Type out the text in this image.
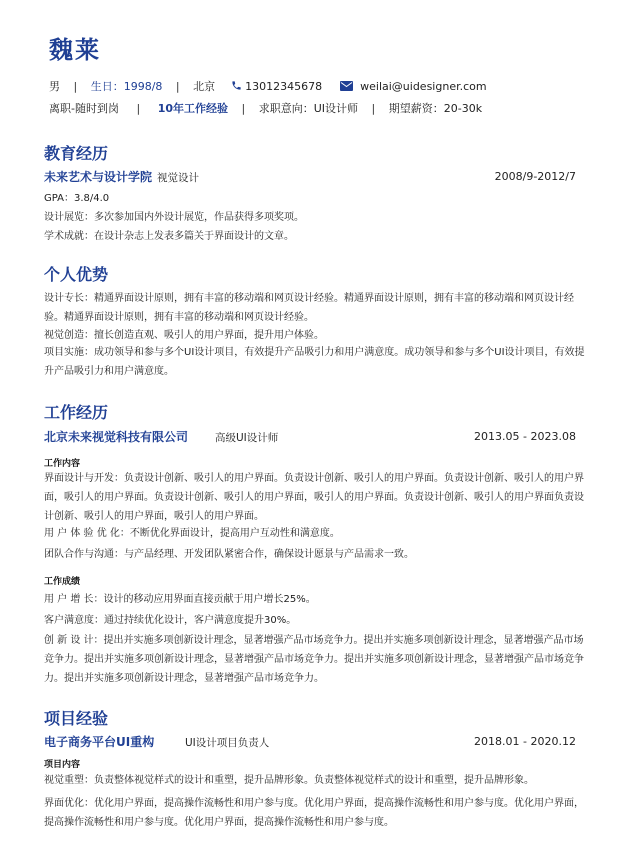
魏莱
男 | 生日：1998/8 | 北京	13012345678	weilai@uidesigner.com
离职-随时到岗 | 10年工作经验 | 求职意向：UI设计师 | 期望薪资：20-30k
教育经历
未来艺术与设计学院 视觉设计	2008/9-2012/7

GPA：3.8/4.0

设计展览：多次参加国内外设计展览，作品获得多项奖项。

学术成就：在设计杂志上发表多篇关于界面设计的文章。

个人优势

设计专长：精通界面设计原则，拥有丰富的移动端和网页设计经验。精通界面设计原则，拥有丰富的移动端和网页设计经验。精通界面设计原则，拥有丰富的移动端和网页设计经验。

视觉创造：擅长创造直观、吸引人的用户界面，提升用户体验。

项目实施：成功领导和参与多个UI设计项目，有效提升产品吸引力和用户满意度。成功领导和参与多个UI设计项目，有效提升产品吸引力和用户满意度。

工作经历
北京未来视觉科技有限公司	高级UI设计师	2013.05 - 2023.08
工作内容

界面设计与开发：负责设计创新、吸引人的用户界面。负责设计创新、吸引人的用户界面。负责设计创新、吸引人的用户界面，吸引人的用户界面。负责设计创新、吸引人的用户界面，吸引人的用户界面。负责设计创新、吸引人的用户界面负责设计创新、吸引人的用户界面，吸引人的用户界面。

用 户 体 验 优 化：不断优化界面设计，提高用户互动性和满意度。

团队合作与沟通：与产品经理、开发团队紧密合作，确保设计愿景与产品需求一致。

工作成绩

用 户 增 长：设计的移动应用界面直接贡献于用户增长25%。

客户满意度：通过持续优化设计，客户满意度提升30%。

创 新 设 计：提出并实施多项创新设计理念，显著增强产品市场竞争力。提出并实施多项创新设计理念，显著增强产品市场竞争力。提出并实施多项创新设计理念，显著增强产品市场竞争力。提出并实施多项创新设计理念，显著增强产品市场竞争力。提出并实施多项创新设计理念，显著增强产品市场竞争力。

项目经验
电子商务平台UI重构	UI设计项目负责人	2018.01 - 2020.12
项目内容

视觉重塑：负责整体视觉样式的设计和重塑，提升品牌形象。负责整体视觉样式的设计和重塑，提升品牌形象。

界面优化：优化用户界面，提高操作流畅性和用户参与度。优化用户界面，提高操作流畅性和用户参与度。优化用户界面，提高操作流畅性和用户参与度。优化用户界面，提高操作流畅性和用户参与度。
